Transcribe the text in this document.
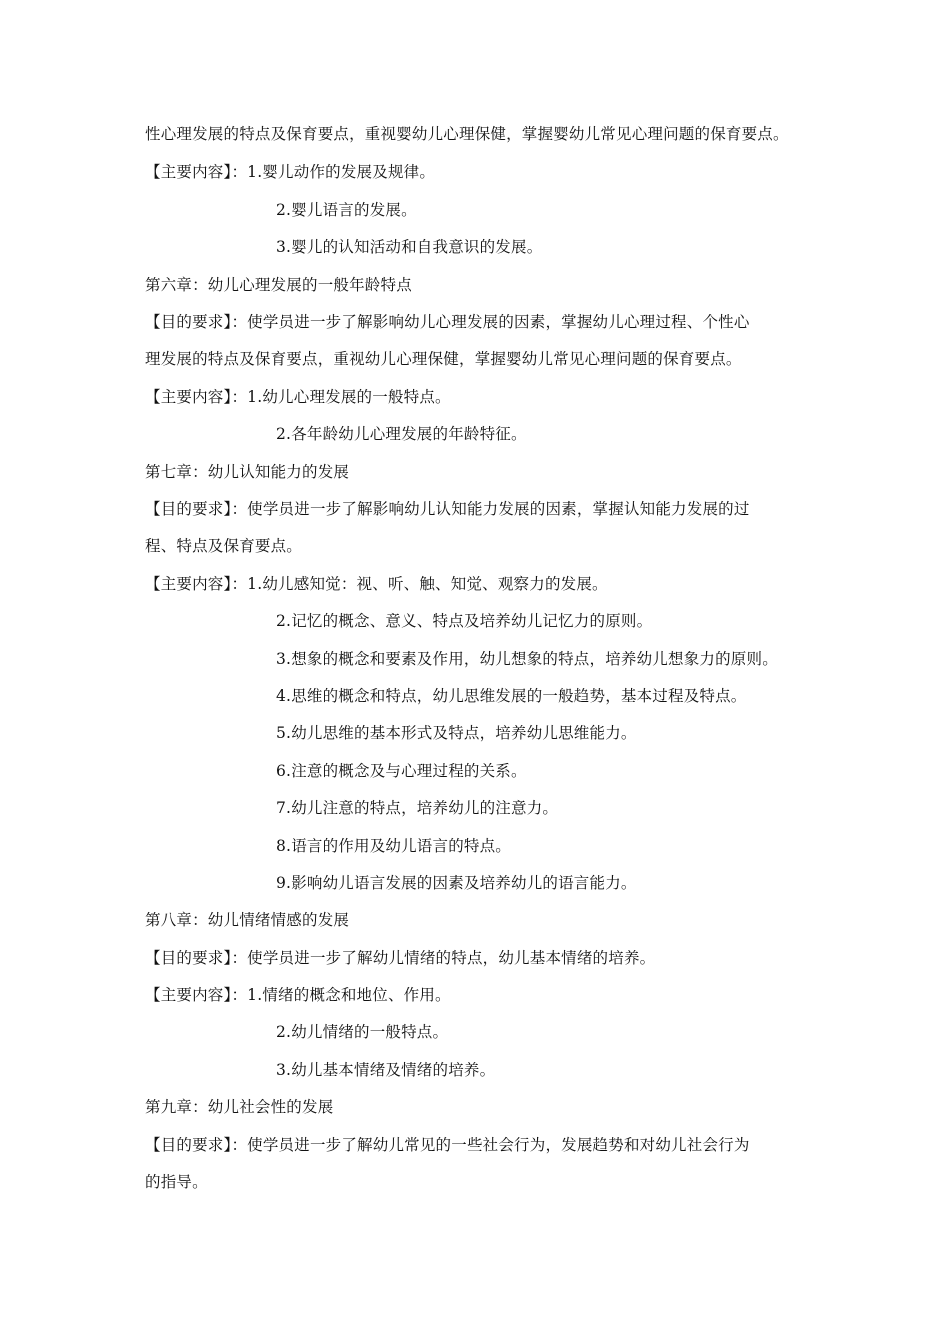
性心理发展的特点及保育要点，重视婴幼儿心理保健，掌握婴幼儿常见心理问题的保育要点。
【主要内容】：1.婴儿动作的发展及规律。
2.婴儿语言的发展。
3.婴儿的认知活动和自我意识的发展。
第六章：幼儿心理发展的一般年龄特点
【目的要求】：使学员进一步了解影响幼儿心理发展的因素，掌握幼儿心理过程、个性心
理发展的特点及保育要点，重视幼儿心理保健，掌握婴幼儿常见心理问题的保育要点。
【主要内容】：1.幼儿心理发展的一般特点。
2.各年龄幼儿心理发展的年龄特征。
第七章：幼儿认知能力的发展
【目的要求】：使学员进一步了解影响幼儿认知能力发展的因素，掌握认知能力发展的过
程、特点及保育要点。
【主要内容】：1.幼儿感知觉：视、听、触、知觉、观察力的发展。
2.记忆的概念、意义、特点及培养幼儿记忆力的原则。
3.想象的概念和要素及作用，幼儿想象的特点，培养幼儿想象力的原则。
4.思维的概念和特点，幼儿思维发展的一般趋势，基本过程及特点。
5.幼儿思维的基本形式及特点，培养幼儿思维能力。
6.注意的概念及与心理过程的关系。
7.幼儿注意的特点，培养幼儿的注意力。
8.语言的作用及幼儿语言的特点。
9.影响幼儿语言发展的因素及培养幼儿的语言能力。
第八章：幼儿情绪情感的发展
【目的要求】：使学员进一步了解幼儿情绪的特点，幼儿基本情绪的培养。
【主要内容】：1.情绪的概念和地位、作用。
2.幼儿情绪的一般特点。
3.幼儿基本情绪及情绪的培养。
第九章：幼儿社会性的发展
【目的要求】：使学员进一步了解幼儿常见的一些社会行为，发展趋势和对幼儿社会行为
的指导。
